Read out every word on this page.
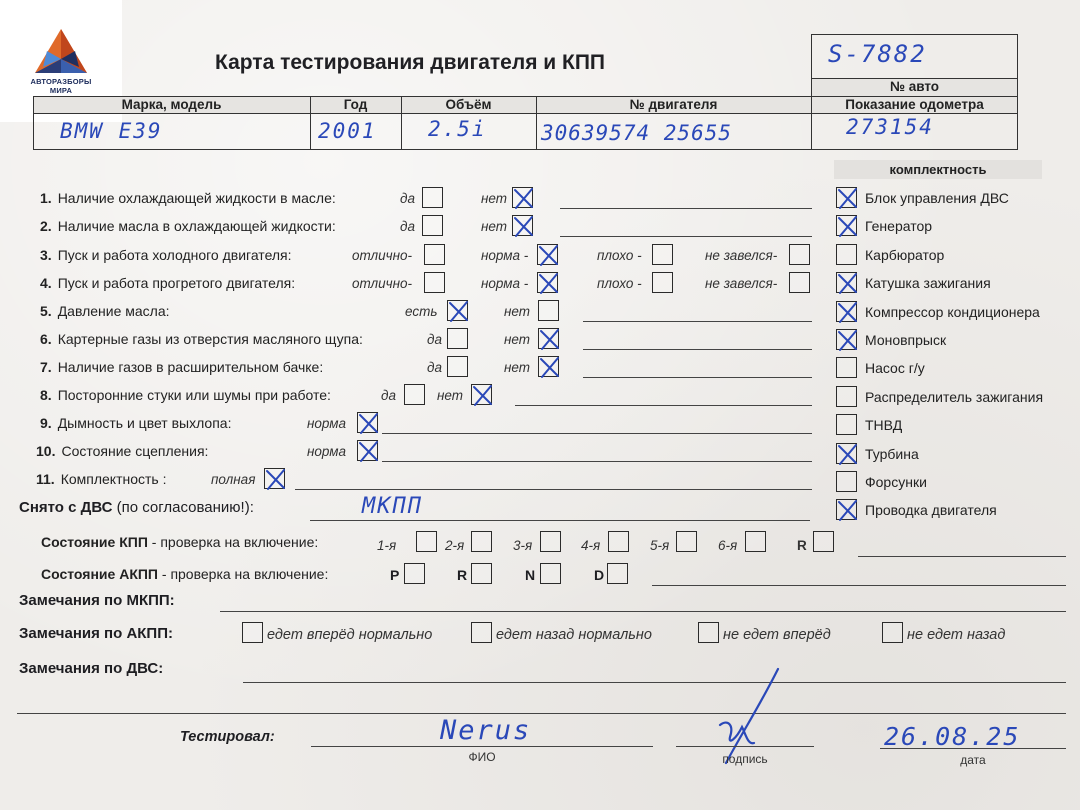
АВТОРАЗБОРЫ
МИРА
Карта тестирования двигателя и КПП	S-7882
№ авто
Марка, модель	Год	Объём	№ двигателя	Показание одометра
BMW E39	2001 2.5i	30639574 25655	273154
комплектность
Блок управления ДВС
Генератор
Карбюратор
Катушка зажигания
Компрессор кондиционера
Моновпрыск
Насос г/у
Распределитель зажигания
ТНВД
Турбина
Форсунки
Проводка двигателя
1. Наличие охлаждающей жидкости в масле:	да	нет
2. Наличие масла в охлаждающей жидкости:	да	нет
3. Пуск и работа холодного двигателя:	отлично-	норма -	плохо -	не завелся-
4. Пуск и работа прогретого двигателя:	отлично-	норма -	плохо -	не завелся-
5. Давление масла:	есть	нет
6. Картерные газы из отверстия масляного щупа:	да	нет
7. Наличие газов в расширительном бачке:	да	нет
8. Посторонние стуки или шумы при работе:	да	нет
9. Дымность и цвет выхлопа:	норма
10. Состояние сцепления:	норма
11. Комплектность :	полная
Снято с ДВС (по согласованию!):	МКПП
Состояние КПП - проверка на включение:	1-я	2-я	3-я	4-я	5-я	6-я	R
Состояние АКПП - проверка на включение:	P	R	N	D
Замечания по МКПП:
Замечания по АКПП:	едет вперёд нормально	едет назад нормально	не едет вперёд	не едет назад
Замечания по ДВС:
Тестировал:	Nerus
ФИО	подпись
26.08.25
дата
